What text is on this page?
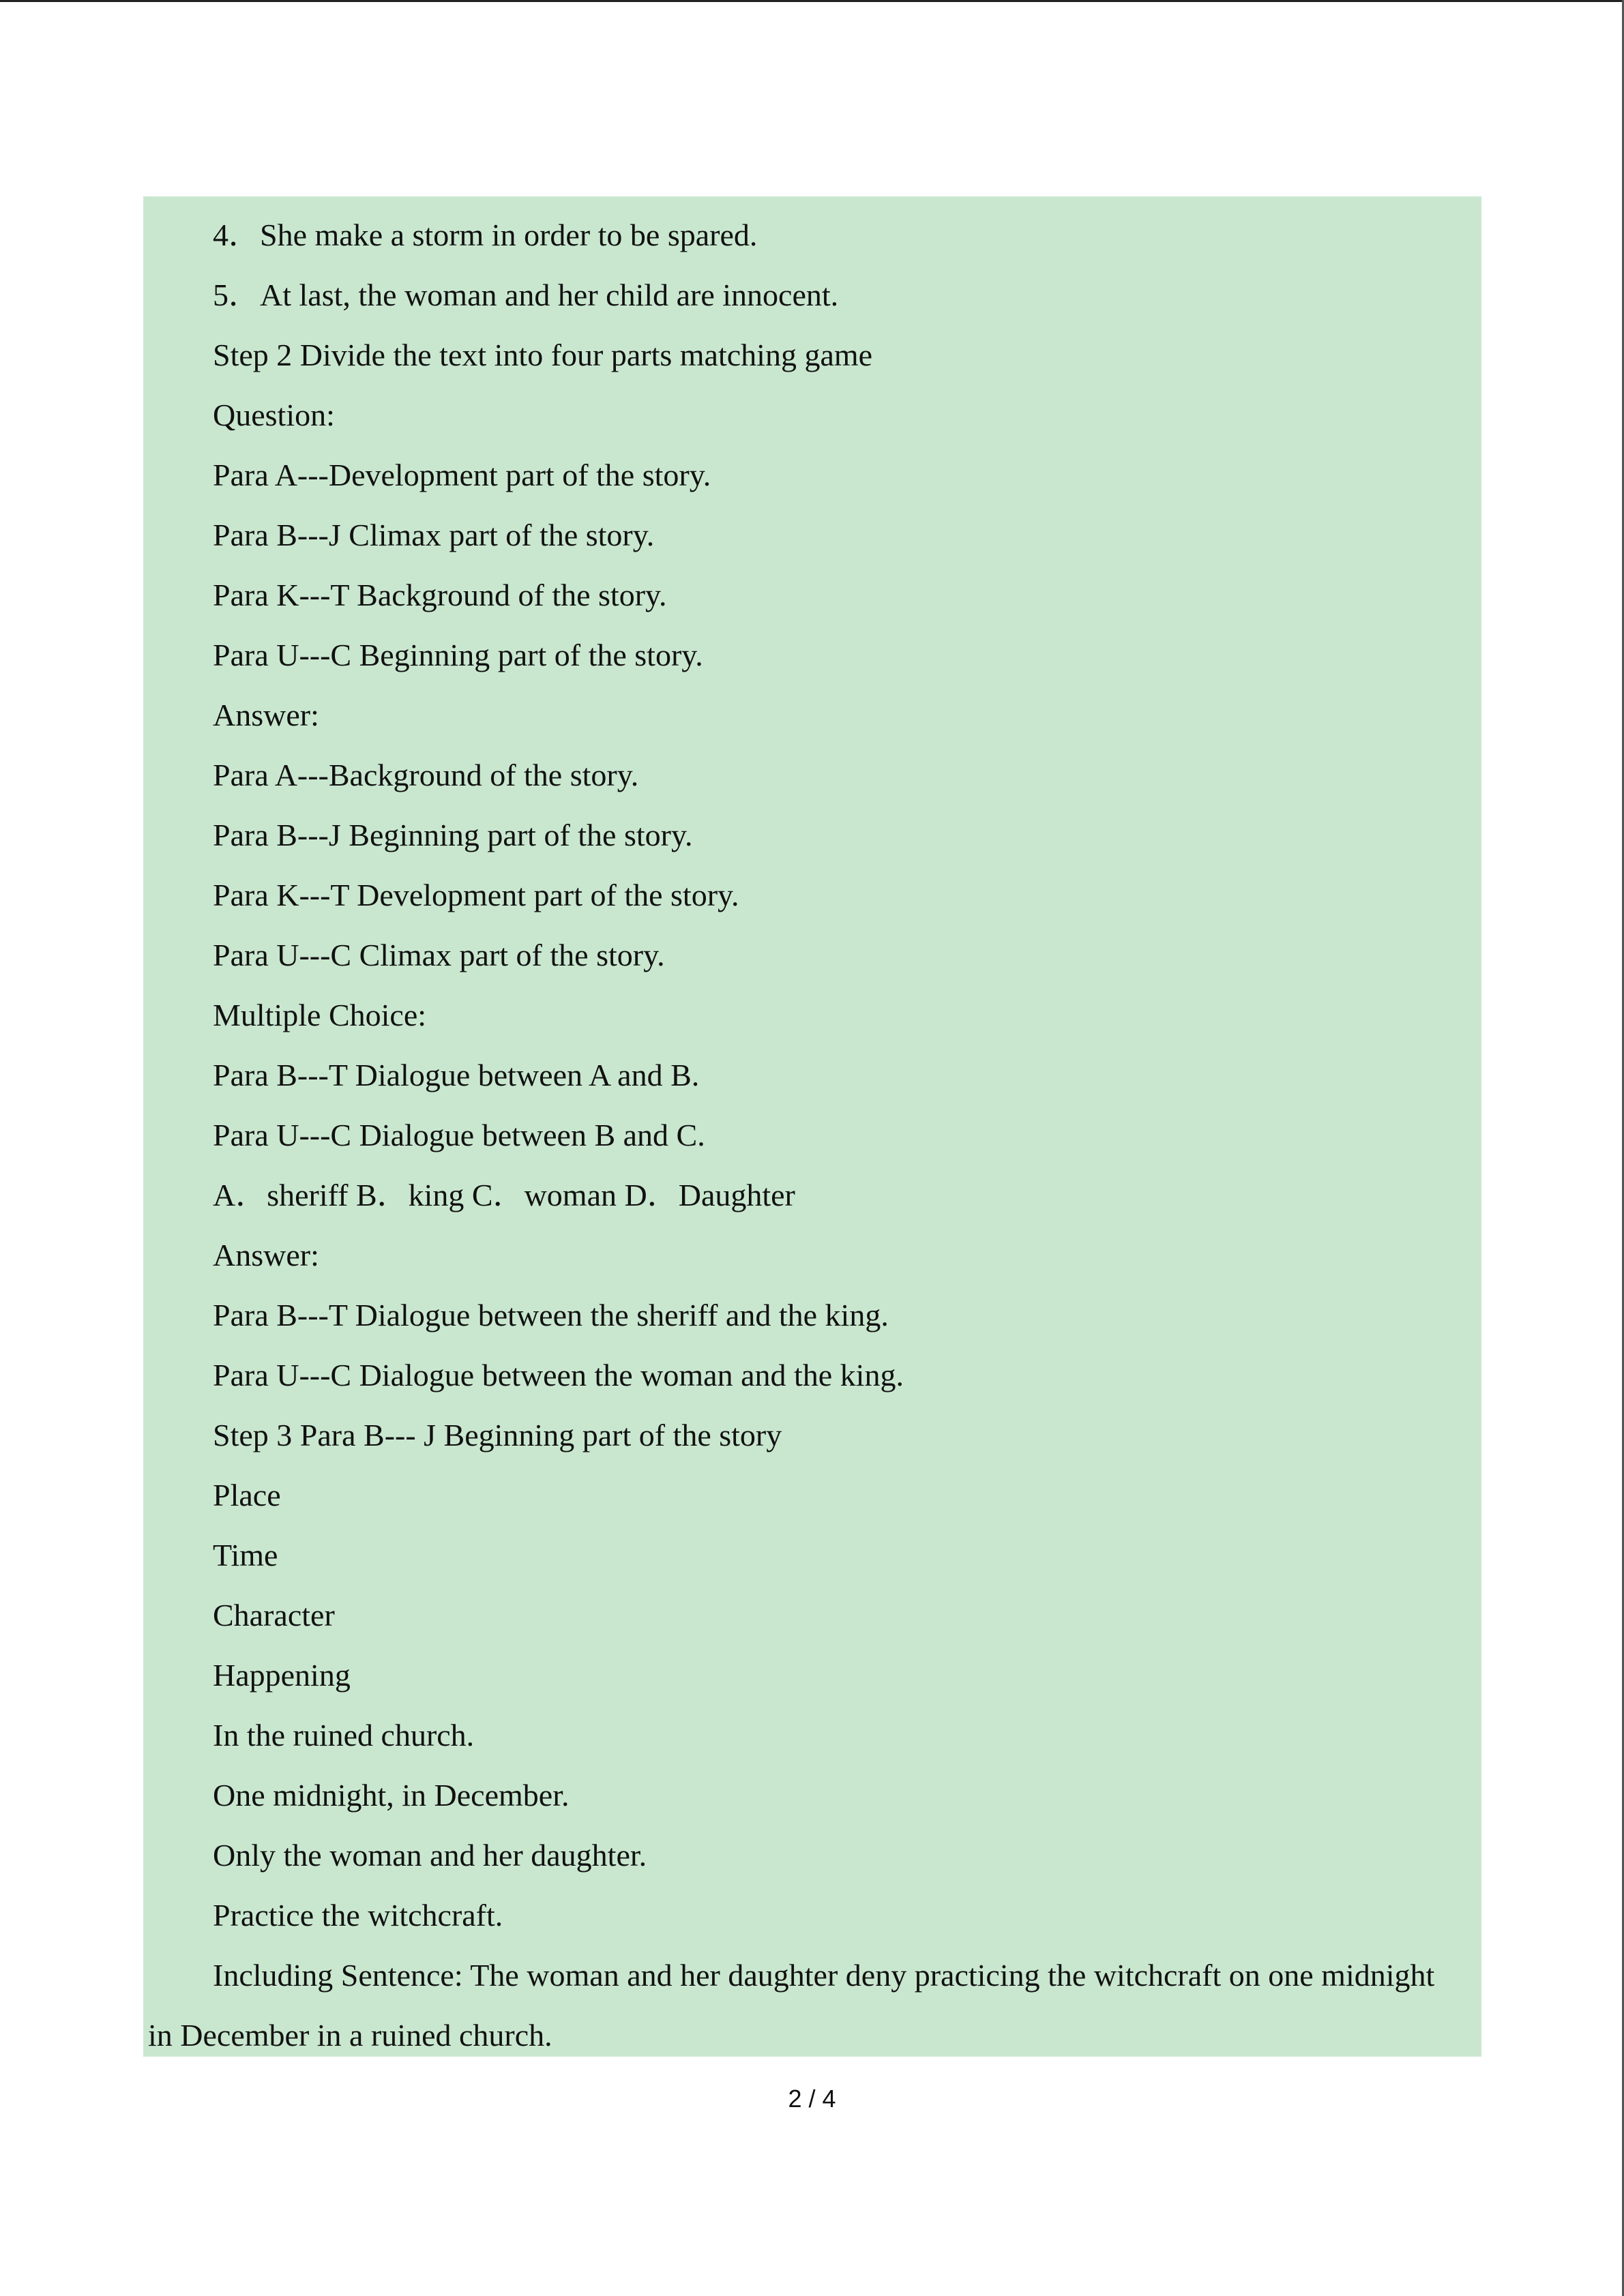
4．She make a storm in order to be spared.
5．At last, the woman and her child are innocent.
Step 2 Divide the text into four parts matching game
Question:
Para A---Development part of the story.
Para B---J Climax part of the story.
Para K---T Background of the story.
Para U---C Beginning part of the story.
Answer:
Para A---Background of the story.
Para B---J Beginning part of the story.
Para K---T Development part of the story.
Para U---C Climax part of the story.
Multiple Choice:
Para B---T Dialogue between A and B.
Para U---C Dialogue between B and C.
A．sheriff B．king C．woman D．Daughter
Answer:
Para B---T Dialogue between the sheriff and the king.
Para U---C Dialogue between the woman and the king.
Step 3 Para B--- J Beginning part of the story
Place
Time
Character
Happening
In the ruined church.
One midnight, in December.
Only the woman and her daughter.
Practice the witchcraft.
Including Sentence: The woman and her daughter deny practicing the witchcraft on one midnight
in December in a ruined church.
2 / 4
